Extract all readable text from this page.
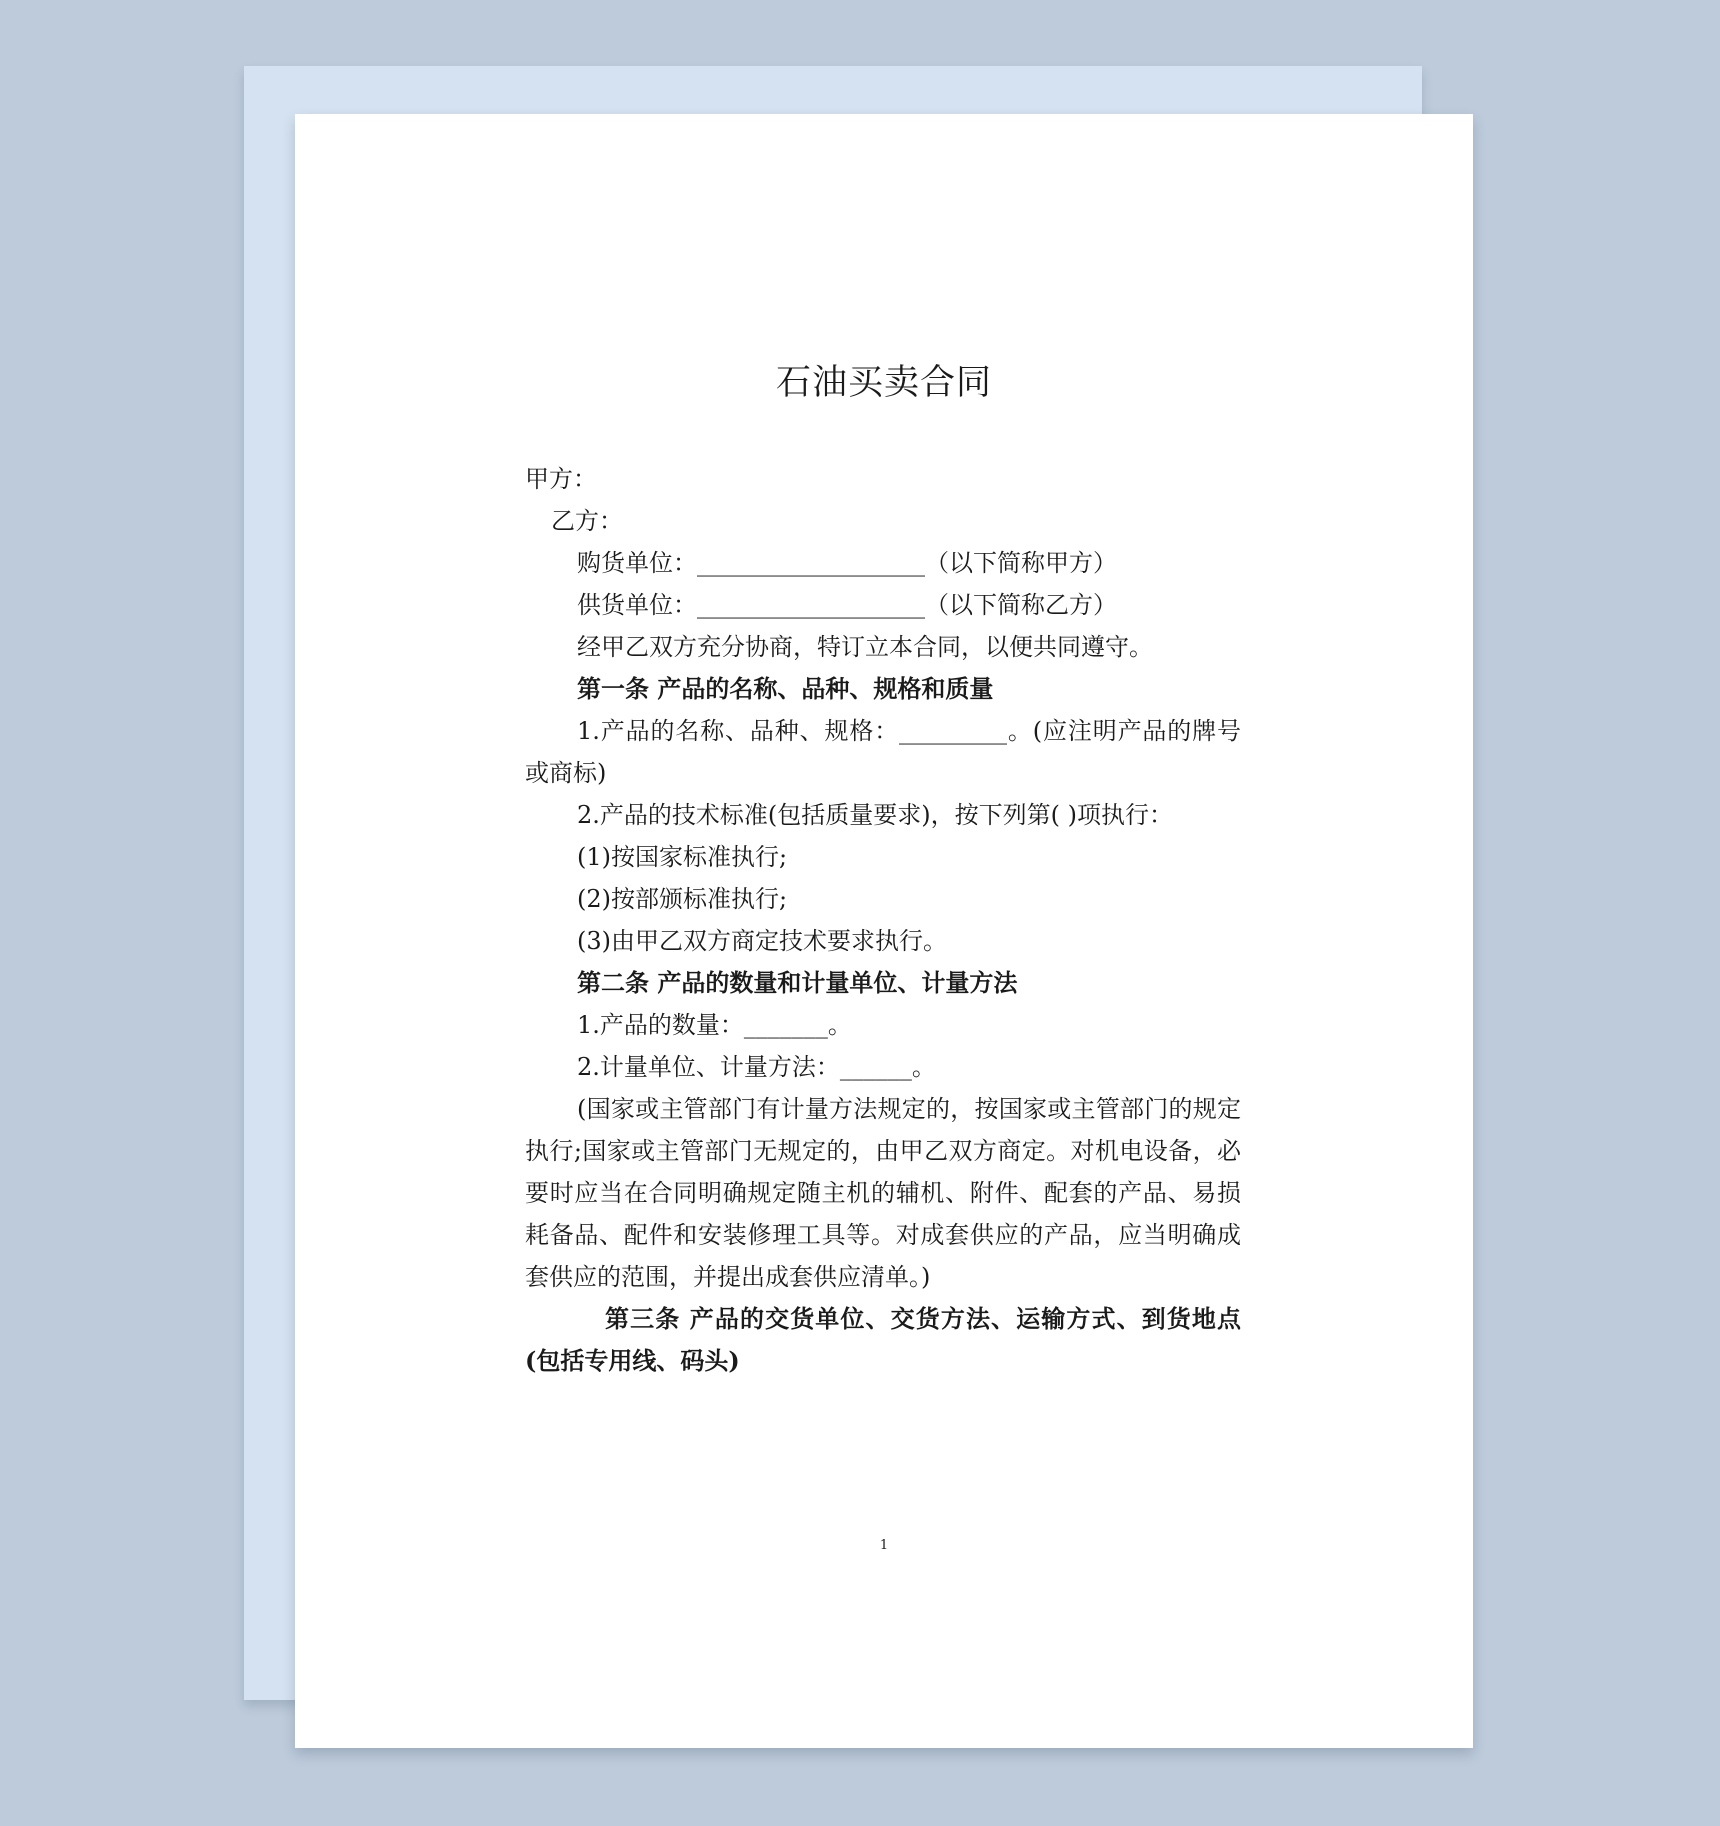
石油买卖合同
甲方：
乙方：
购货单位：___________________（以下简称甲方）
供货单位：___________________（以下简称乙方）
经甲乙双方充分协商，特订立本合同，以便共同遵守。
第一条 产品的名称、品种、规格和质量
1.产品的名称、品种、规格：_________。(应注明产品的牌号或商标)
2.产品的技术标准(包括质量要求)，按下列第( )项执行：
(1)按国家标准执行;
(2)按部颁标准执行;
(3)由甲乙双方商定技术要求执行。
第二条 产品的数量和计量单位、计量方法
1.产品的数量：_______。
2.计量单位、计量方法：______。
(国家或主管部门有计量方法规定的，按国家或主管部门的规定执行;国家或主管部门无规定的，由甲乙双方商定。对机电设备，必要时应当在合同明确规定随主机的辅机、附件、配套的产品、易损耗备品、配件和安装修理工具等。对成套供应的产品，应当明确成套供应的范围，并提出成套供应清单。)
第三条 产品的交货单位、交货方法、运输方式、到货地点(包括专用线、码头)
1
